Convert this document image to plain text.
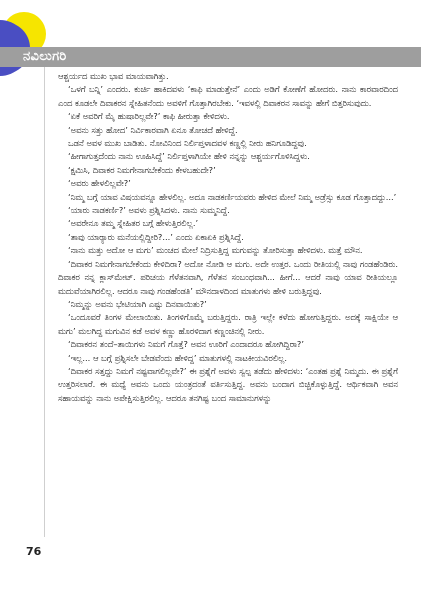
ನವಿಲುಗರಿ

ಆಶ್ಚರ್ಯದ ಮುಖ ಭಾವ ಮಾಯವಾಗಿತ್ತು.

‘ಒಳಗೆ ಬನ್ನಿ’ ಎಂದರು. ಕುರ್ಚಿ ಹಾಕಿದವಳು ‘ಕಾಫಿ ಮಾಡುತ್ತೇನೆ’ ಎಂದು ಅಡಿಗೆ ಕೋಣೆಗೆ ಹೋದರು. ನಾನು ಕಾರವಾರದಿಂದ ಎಂದ ಕೂಡಲೇ ದಿವಾಕರನ ಸ್ನೇಹಿತನೆಂದು ಅವಳಿಗೆ ಗೊತ್ತಾಗಿರಬೇಕು. ‘ಇವಳಲ್ಲಿ ದಿವಾಕರನ ಸಾವನ್ನು ಹೇಗೆ ಬಿತ್ತರಿಸುವುದು.

‘ಏಕೆ ಅವರಿಗೆ ಮೈ ಹುಷಾರಿಲ್ಲವೇ?’ ಕಾಫಿ ಹೀರುತ್ತಾ ಕೇಳಿದಳು.

‘ಅವನು ಸತ್ತು ಹೋದ’ ನಿರ್ವಿಕಾರವಾಗಿ ಏನೂ ತೋಚದೆ ಹೇಳಿದ್ದೆ.

ಒಡನೆ ಅವಳ ಮುಖ ಬಾಡಿತು. ನೋವಿನಿಂದ ನಿರ್ಲಿಪ್ತಳಾದವಳ ಕಣ್ಣಲ್ಲಿ ನೀರು ಹನಿಗೂಡಿದ್ದವು.

‘ಹೀಗಾಗುತ್ತದೆಂದು ನಾನು ಊಹಿಸಿದ್ದೆ’ ನಿರ್ಲಿಪ್ತಳಾಗಿಯೇ ಹೇಳಿ ನನ್ನನ್ನು ಆಶ್ಚರ್ಯಗೊಳಿಸಿದ್ದಳು.

‘ಕ್ಷಮಿಸಿ, ದಿವಾಕರ ನಿಮಗೇನಾಗಬೇಕೆಂದು ಕೇಳಬಹುದೇ?’

‘ಅವರು ಹೇಳಲಿಲ್ಲವೇ?’

‘ನಿಮ್ಮ ಬಗ್ಗೆ ಯಾವ ವಿಷಯವನ್ನೂ ಹೇಳಲಿಲ್ಲ. ಅದೂ ನಾಡಕರ್ಣಿಯವರು ಹೇಳಿದ ಮೇಲೆ ನಿಮ್ಮ ಅಡ್ರೆಸ್ಸು ಕೂಡ ಗೊತ್ತಾದದ್ದು...’

‘ಯಾರು ನಾಡಕರ್ಣಿ?’ ಅವಳು ಪ್ರಶ್ನಿಸಿದಳು. ನಾನು ಸುಮ್ಮನಿದ್ದೆ.

‘ಅವರೇನೂ ತಮ್ಮ ಸ್ನೇಹಿತರ ಬಗ್ಗೆ ಹೇಳುತ್ತಿರಲಿಲ್ಲ.’

‘ತಾವು ಯಾರ್‍ಯಾರು ಮನೆಯಲ್ಲಿದ್ದೀರಿ?...’ ಎಂದು ಏಕಾಏಕಿ ಪ್ರಶ್ನಿಸಿದ್ದೆ.

‘ನಾನು ಮತ್ತು ಅದೋ ಆ ಮಗು’ ಮಂಚದ ಮೇಲೆ ನಿದ್ರಿಸುತ್ತಿದ್ದ ಮಗುವನ್ನು ತೋರಿಸುತ್ತಾ ಹೇಳಿದಳು. ಮತ್ತೆ ಮೌನ.

‘ದಿವಾಕರ ನಿಮಗೇನಾಗಬೇಕೆಂದು ಕೇಳಿದಿರಾ? ಅದೋ ನೋಡಿ ಆ ಮಗು. ಅದೇ ಉತ್ತರ. ಒಂದು ರೀತಿಯಲ್ಲಿ ನಾವು ಗಂಡಹೆಂಡಿರು. ದಿವಾಕರ ನನ್ನ ಕ್ಲಾಸ್‌ಮೇಟ್. ಪರಿಚಯ ಗೆಳೆತನವಾಗಿ, ಗೆಳೆತನ ಸಂಬಂಧವಾಗಿ... ಹೀಗೆ... ಆದರೆ ನಾವು ಯಾವ ರೀತಿಯಲ್ಲೂ ಮದುವೆಯಾಗಿರಲಿಲ್ಲ. ಆದರೂ ನಾವು ಗಂಡಹೆಂಡತಿ’ ಮೌನದಾಳದಿಂದ ಮಾತುಗಳು ಹೇಳಿ ಬರುತ್ತಿದ್ದವು.

‘ನಿಮ್ಮನ್ನು ಅವನು ಭೇಟಿಯಾಗಿ ಎಷ್ಟು ದಿನವಾಯಿತು?’

‘ಒಂದೂವರೆ ತಿಂಗಳ ಮೇಲಾಯಿತು. ತಿಂಗಳಿಗೊಮ್ಮೆ ಬರುತ್ತಿದ್ದರು. ರಾತ್ರಿ ಇಲ್ಲೇ ಕಳೆದು ಹೋಗುತ್ತಿದ್ದರು. ಅದಕ್ಕೆ ಸಾಕ್ಷಿಯೇ ಆ ಮಗು’ ಮಲಗಿದ್ದ ಮಗುವಿನ ಕಡೆ ಅವಳ ಕಣ್ಣು ಹೊರಳಿದಾಗ ಕಣ್ಣಂಚಿನಲ್ಲಿ ನೀರು.

‘ದಿವಾಕರನ ತಂದೆ–ತಾಯಿಗಳು ನಿಮಗೆ ಗೊತ್ತೆ? ಅವನ ಊರಿಗೆ ಎಂದಾದರೂ ಹೋಗಿದ್ದಿರಾ?’

‘ಇಲ್ಲ... ಆ ಬಗ್ಗೆ ಪ್ರಶ್ನಿಸಲೇ ಬೇಡವೆಂದು ಹೇಳಿದ್ದ’ ಮಾತುಗಳಲ್ಲಿ ನಾಟಕೀಯವಿರಲಿಲ್ಲ.

‘ದಿವಾಕರ ಸತ್ತದ್ದು ನಿಮಗೆ ನಷ್ಟವಾಗಲಿಲ್ಲವೇ?’ ಈ ಪ್ರಶ್ನೆಗೆ ಅವಳು ಸ್ವಲ್ಪ ತಡೆದು ಹೇಳಿದಳು: ‘ಎಂತಹ ಪ್ರಶ್ನೆ ನಿಮ್ಮದು. ಈ ಪ್ರಶ್ನೆಗೆ ಉತ್ತರಿಸಲಾರೆ. ಈ ಮಧ್ಯೆ ಅವನು ಒಂದು ಯಂತ್ರದಂತೆ ವರ್ತಿಸುತ್ತಿದ್ದ. ಅವನು ಬಂದಾಗ ಬಿಚ್ಚಿಕೊಳ್ಳುತ್ತಿದ್ದೆ. ಆರ್ಥಿಕವಾಗಿ ಅವನ ಸಹಾಯವನ್ನು ನಾನು ಅಪೇಕ್ಷಿಸುತ್ತಿರಲಿಲ್ಲ. ಆದರೂ ತನಗಿಷ್ಟ ಬಂದ ಸಾಮಾನುಗಳನ್ನು

76
